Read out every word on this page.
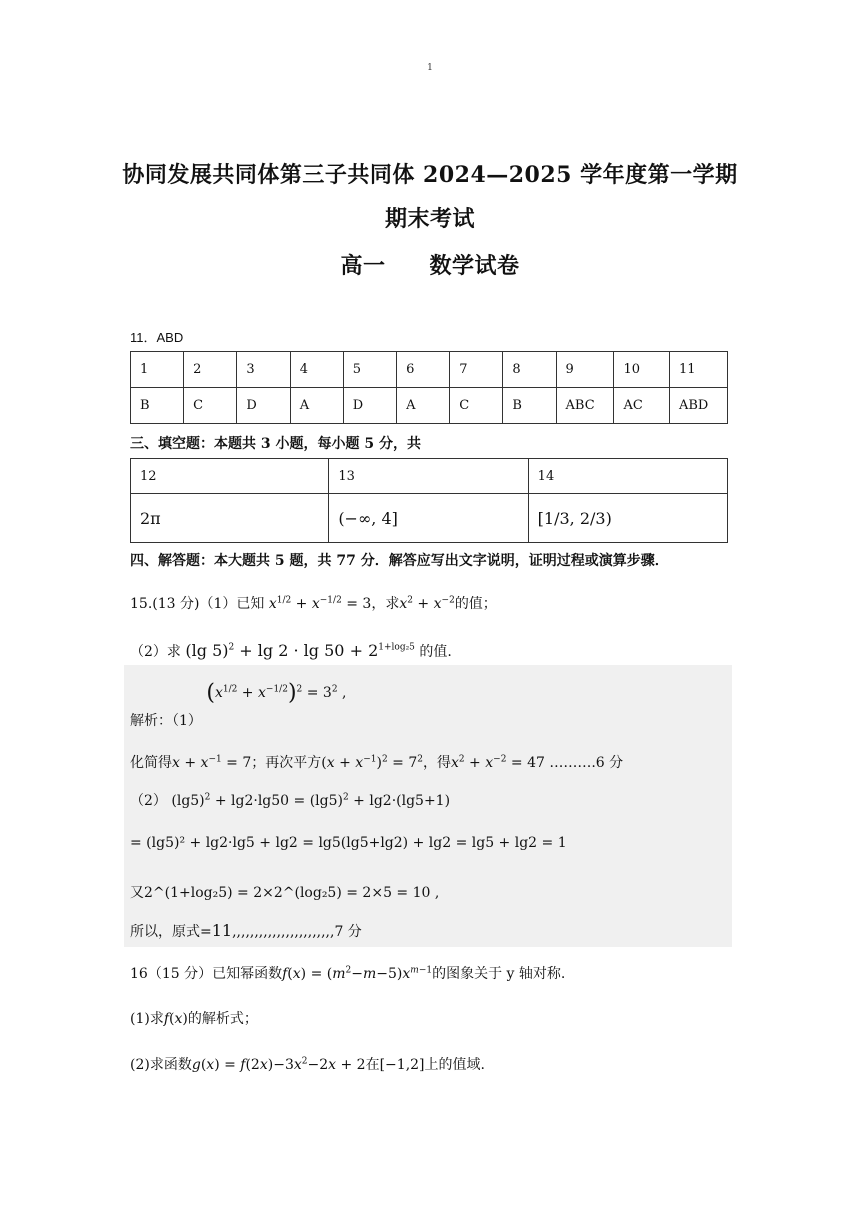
1
协同发展共同体第三子共同体 2024—2025 学年度第一学期
期末考试
高一 数学试卷
11．ABD
1	2	3	4	5	6	7	8	9	10	11
B	C	D	A	D	A	C	B	ABC	AC	ABD
三、填空题：本题共 3 小题，每小题 5 分，共
12	13	14
2π	(−∞, 4]	[1/3, 2/3)
四、解答题：本大题共 5 题，共 77 分．解答应写出文字说明，证明过程或演算步骤．
15.(13 分)（1）已知 $x^{1/2} + x^{-1/2} = 3$，求$x^2 + x^{-2}$的值；
（2）求 (lg $5)^2 + \lg 2 \cdot \lg 50 + 2^{1+log_25}$ 的值.
解析：（1） $(x^{1/2} + x^{-1/2})^2 = 3^2$ ,
化简得$x + x^{-1} = 7$；再次平方$(x + x^{-1})^2 = 7^2$，得$x^2 + x^{-2} = 47$ ……….6 分
（2） $(\lg 5)^2 + \lg 2\cdot\lg 50 = (\lg 5)^2 + \lg 2\cdot(\lg 5+1)$
= (lg5)² + lg2·lg5 + lg2 = lg5(lg5+lg2) + lg2 = lg5 + lg2 = 1
又2^(1+log₂5) = 2×2^(log₂5) = 2×5 = 10 ,
所以，原式=11,,,,,,,,,,,,,,,,,,,,,,,7 分
16（15 分）已知幂函数$f(x) = (m^2-m-5)x^{m-1}$的图象关于 y 轴对称.
(1)求f(x)的解析式；
(2)求函数$g(x) = f(2x)-3x^2-2x + 2$在[−1,2]上的值域.
